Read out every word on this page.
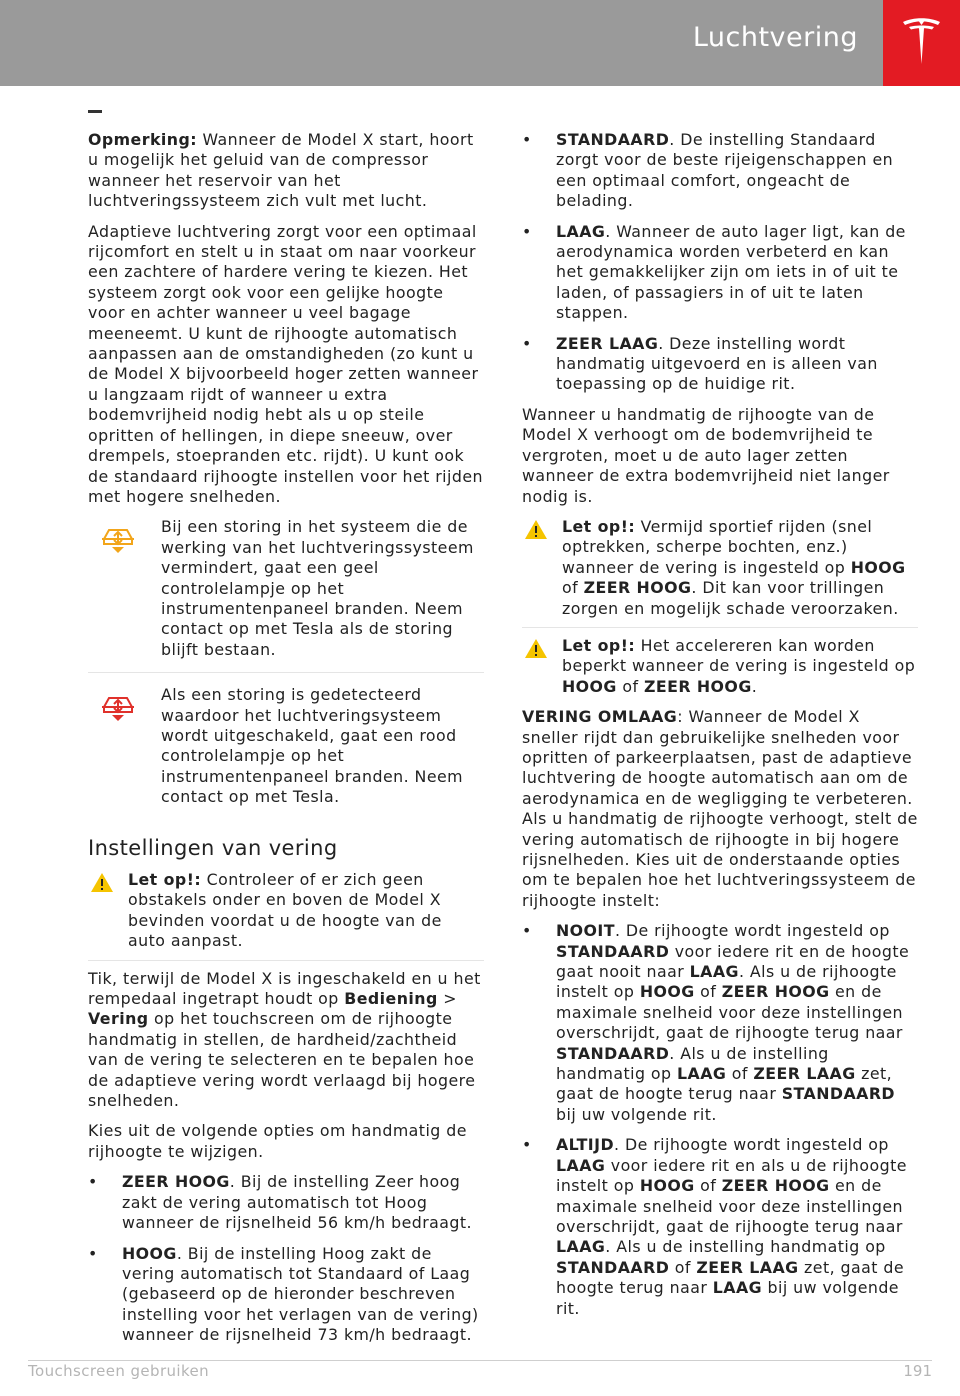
Luchtvering

Opmerking: Wanneer de Model X start, hoort u mogelijk het geluid van de compressor wanneer het reservoir van het luchtveringssysteem zich vult met lucht.

Adaptieve luchtvering zorgt voor een optimaal rijcomfort en stelt u in staat om naar voorkeur een zachtere of hardere vering te kiezen. Het systeem zorgt ook voor een gelijke hoogte voor en achter wanneer u veel bagage meeneemt. U kunt de rijhoogte automatisch aanpassen aan de omstandigheden (zo kunt u de Model X bijvoorbeeld hoger zetten wanneer u langzaam rijdt of wanneer u extra bodemvrijheid nodig hebt als u op steile opritten of hellingen, in diepe sneeuw, over drempels, stoepranden etc. rijdt). U kunt ook de standaard rijhoogte instellen voor het rijden met hogere snelheden.

Bij een storing in het systeem die de werking van het luchtveringssysteem vermindert, gaat een geel controlelampje op het instrumentenpaneel branden. Neem contact op met Tesla als de storing blijft bestaan.
Als een storing is gedetecteerd waardoor het luchtveringsysteem wordt uitgeschakeld, gaat een rood controlelampje op het instrumentenpaneel branden. Neem contact op met Tesla.
Instellingen van vering
Let op!: Controleer of er zich geen obstakels onder en boven de Model X bevinden voordat u de hoogte van de auto aanpast.

Tik, terwijl de Model X is ingeschakeld en u het rempedaal ingetrapt houdt op Bediening > Vering op het touchscreen om de rijhoogte handmatig in stellen, de hardheid/zachtheid van de vering te selecteren en te bepalen hoe de adaptieve vering wordt verlaagd bij hogere snelheden.

Kies uit de volgende opties om handmatig de rijhoogte te wijzigen.

• ZEER HOOG. Bij de instelling Zeer hoog zakt de vering automatisch tot Hoog wanneer de rijsnelheid 56 km/h bedraagt.
• HOOG. Bij de instelling Hoog zakt de vering automatisch tot Standaard of Laag (gebaseerd op de hieronder beschreven instelling voor het verlagen van de vering) wanneer de rijsnelheid 73 km/h bedraagt.
• STANDAARD. De instelling Standaard zorgt voor de beste rijeigenschappen en een optimaal comfort, ongeacht de belading.
• LAAG. Wanneer de auto lager ligt, kan de aerodynamica worden verbeterd en kan het gemakkelijker zijn om iets in of uit te laden, of passagiers in of uit te laten stappen.
• ZEER LAAG. Deze instelling wordt handmatig uitgevoerd en is alleen van toepassing op de huidige rit.

Wanneer u handmatig de rijhoogte van de Model X verhoogt om de bodemvrijheid te vergroten, moet u de auto lager zetten wanneer de extra bodemvrijheid niet langer nodig is.

Let op!: Vermijd sportief rijden (snel optrekken, scherpe bochten, enz.) wanneer de vering is ingesteld op HOOG of ZEER HOOG. Dit kan voor trillingen zorgen en mogelijk schade veroorzaken.
Let op!: Het accelereren kan worden beperkt wanneer de vering is ingesteld op HOOG of ZEER HOOG.

VERING OMLAAG: Wanneer de Model X sneller rijdt dan gebruikelijke snelheden voor opritten of parkeerplaatsen, past de adaptieve luchtvering de hoogte automatisch aan om de aerodynamica en de wegligging te verbeteren. Als u handmatig de rijhoogte verhoogt, stelt de vering automatisch de rijhoogte in bij hogere rijsnelheden. Kies uit de onderstaande opties om te bepalen hoe het luchtveringssysteem de rijhoogte instelt:

• NOOIT. De rijhoogte wordt ingesteld op STANDAARD voor iedere rit en de hoogte gaat nooit naar LAAG. Als u de rijhoogte instelt op HOOG of ZEER HOOG en de maximale snelheid voor deze instellingen overschrijdt, gaat de rijhoogte terug naar STANDAARD. Als u de instelling handmatig op LAAG of ZEER LAAG zet, gaat de hoogte terug naar STANDAARD bij uw volgende rit.
• ALTIJD. De rijhoogte wordt ingesteld op LAAG voor iedere rit en als u de rijhoogte instelt op HOOG of ZEER HOOG en de maximale snelheid voor deze instellingen overschrijdt, gaat de rijhoogte terug naar LAAG. Als u de instelling handmatig op STANDAARD of ZEER LAAG zet, gaat de hoogte terug naar LAAG bij uw volgende rit.
Touchscreen gebruiken	191
